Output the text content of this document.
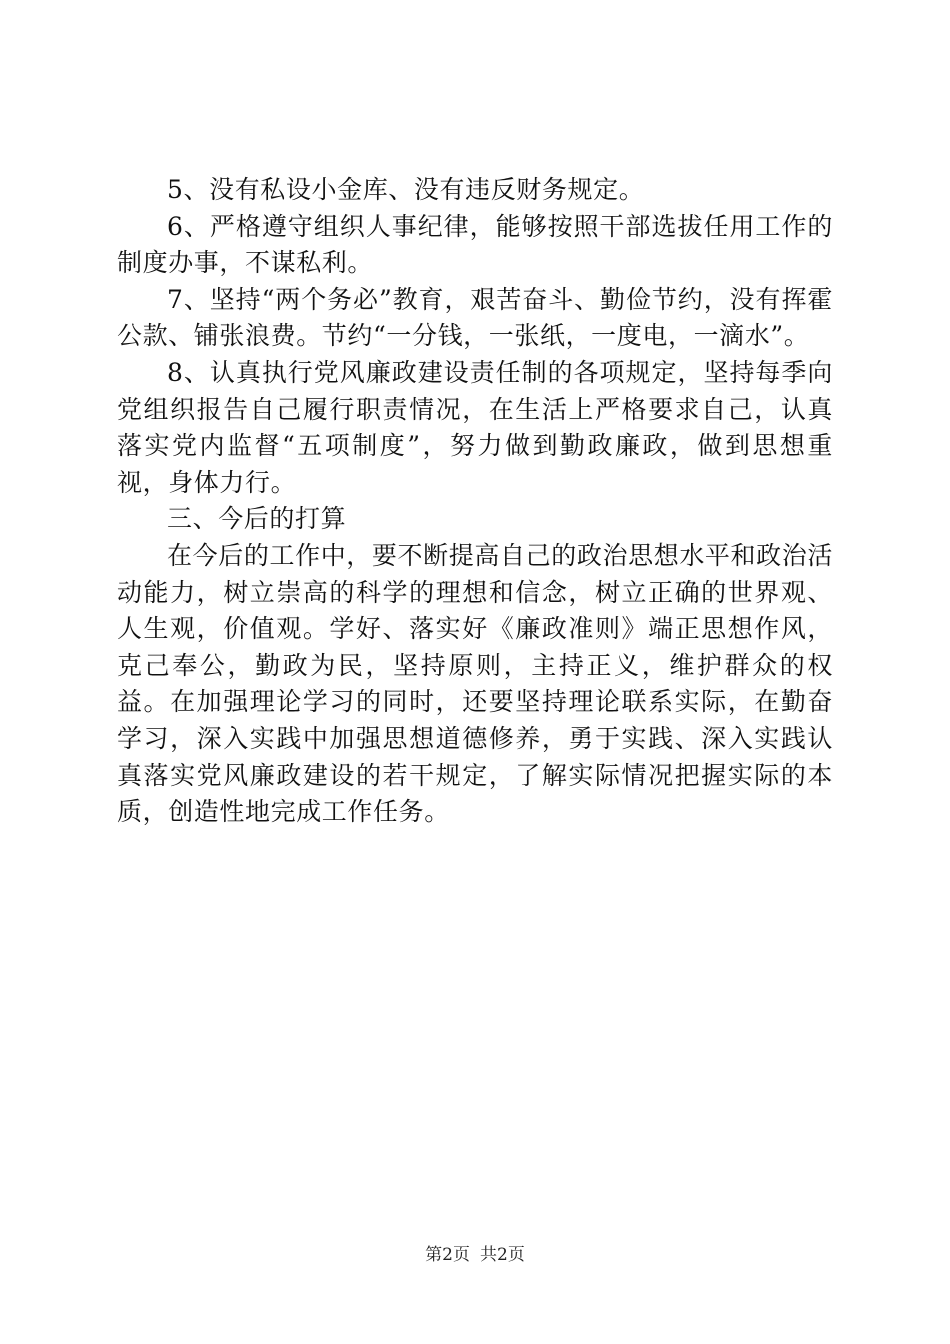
5、没有私设小金库、没有违反财务规定。

6、严格遵守组织人事纪律，能够按照干部选拔任用工作的制度办事，不谋私利。

7、坚持“两个务必”教育，艰苦奋斗、勤俭节约，没有挥霍公款、铺张浪费。节约“一分钱，一张纸，一度电，一滴水”。

8、认真执行党风廉政建设责任制的各项规定，坚持每季向党组织报告自己履行职责情况，在生活上严格要求自己，认真落实党内监督“五项制度”，努力做到勤政廉政，做到思想重视，身体力行。

三、今后的打算

在今后的工作中，要不断提高自己的政治思想水平和政治活动能力，树立崇高的科学的理想和信念，树立正确的世界观、人生观，价值观。学好、落实好《廉政准则》端正思想作风，克己奉公，勤政为民，坚持原则，主持正义，维护群众的权益。在加强理论学习的同时，还要坚持理论联系实际，在勤奋学习，深入实践中加强思想道德修养，勇于实践、深入实践认真落实党风廉政建设的若干规定，了解实际情况把握实际的本质，创造性地完成工作任务。

第2页 共2页
